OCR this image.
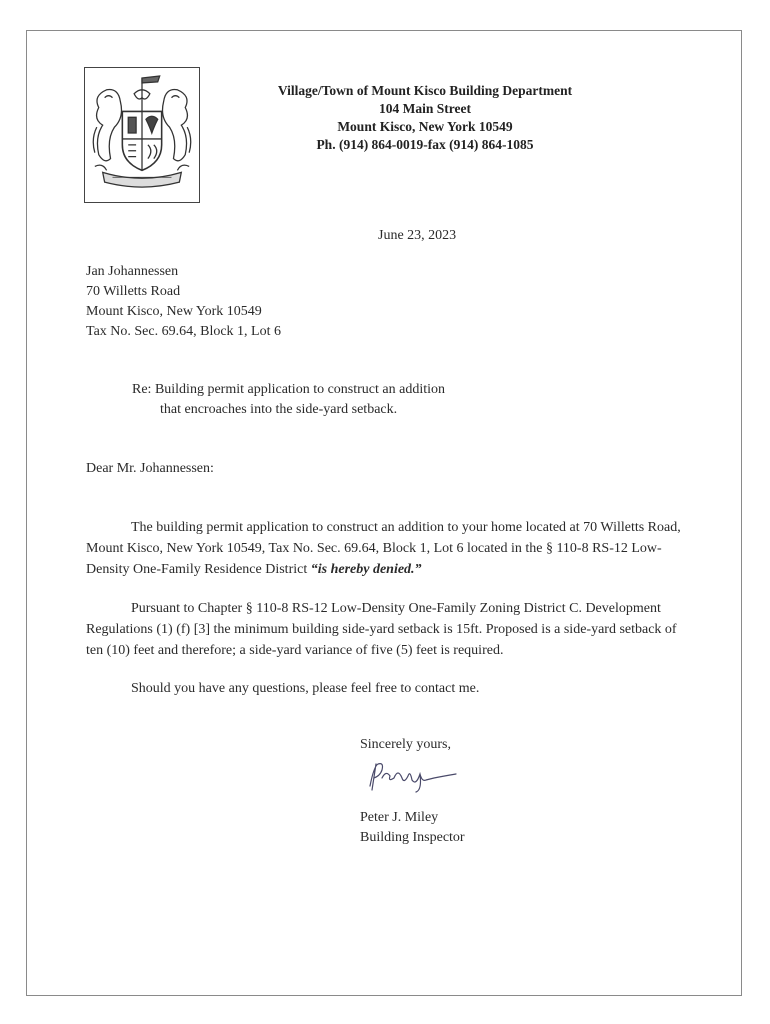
Village/Town of Mount Kisco Building Department
104 Main Street
Mount Kisco, New York 10549
Ph. (914) 864-0019-fax (914) 864-1085
June 23, 2023
Jan Johannessen
70 Willetts Road
Mount Kisco, New York 10549
Tax No. Sec. 69.64, Block 1, Lot 6
Re: Building permit application to construct an addition
that encroaches into the side-yard setback.
Dear Mr. Johannessen:
The building permit application to construct an addition to your home located at 70 Willetts Road, Mount Kisco, New York 10549, Tax No. Sec. 69.64, Block 1, Lot 6 located in the § 110-8 RS-12 Low-Density One-Family Residence District “is hereby denied.”
Pursuant to Chapter § 110-8 RS-12 Low-Density One-Family Zoning District C. Development Regulations (1) (f) [3] the minimum building side-yard setback is 15ft. Proposed is a side-yard setback of ten (10) feet and therefore; a side-yard variance of five (5) feet is required.
Should you have any questions, please feel free to contact me.
Sincerely yours,
Peter J. Miley
Building Inspector
